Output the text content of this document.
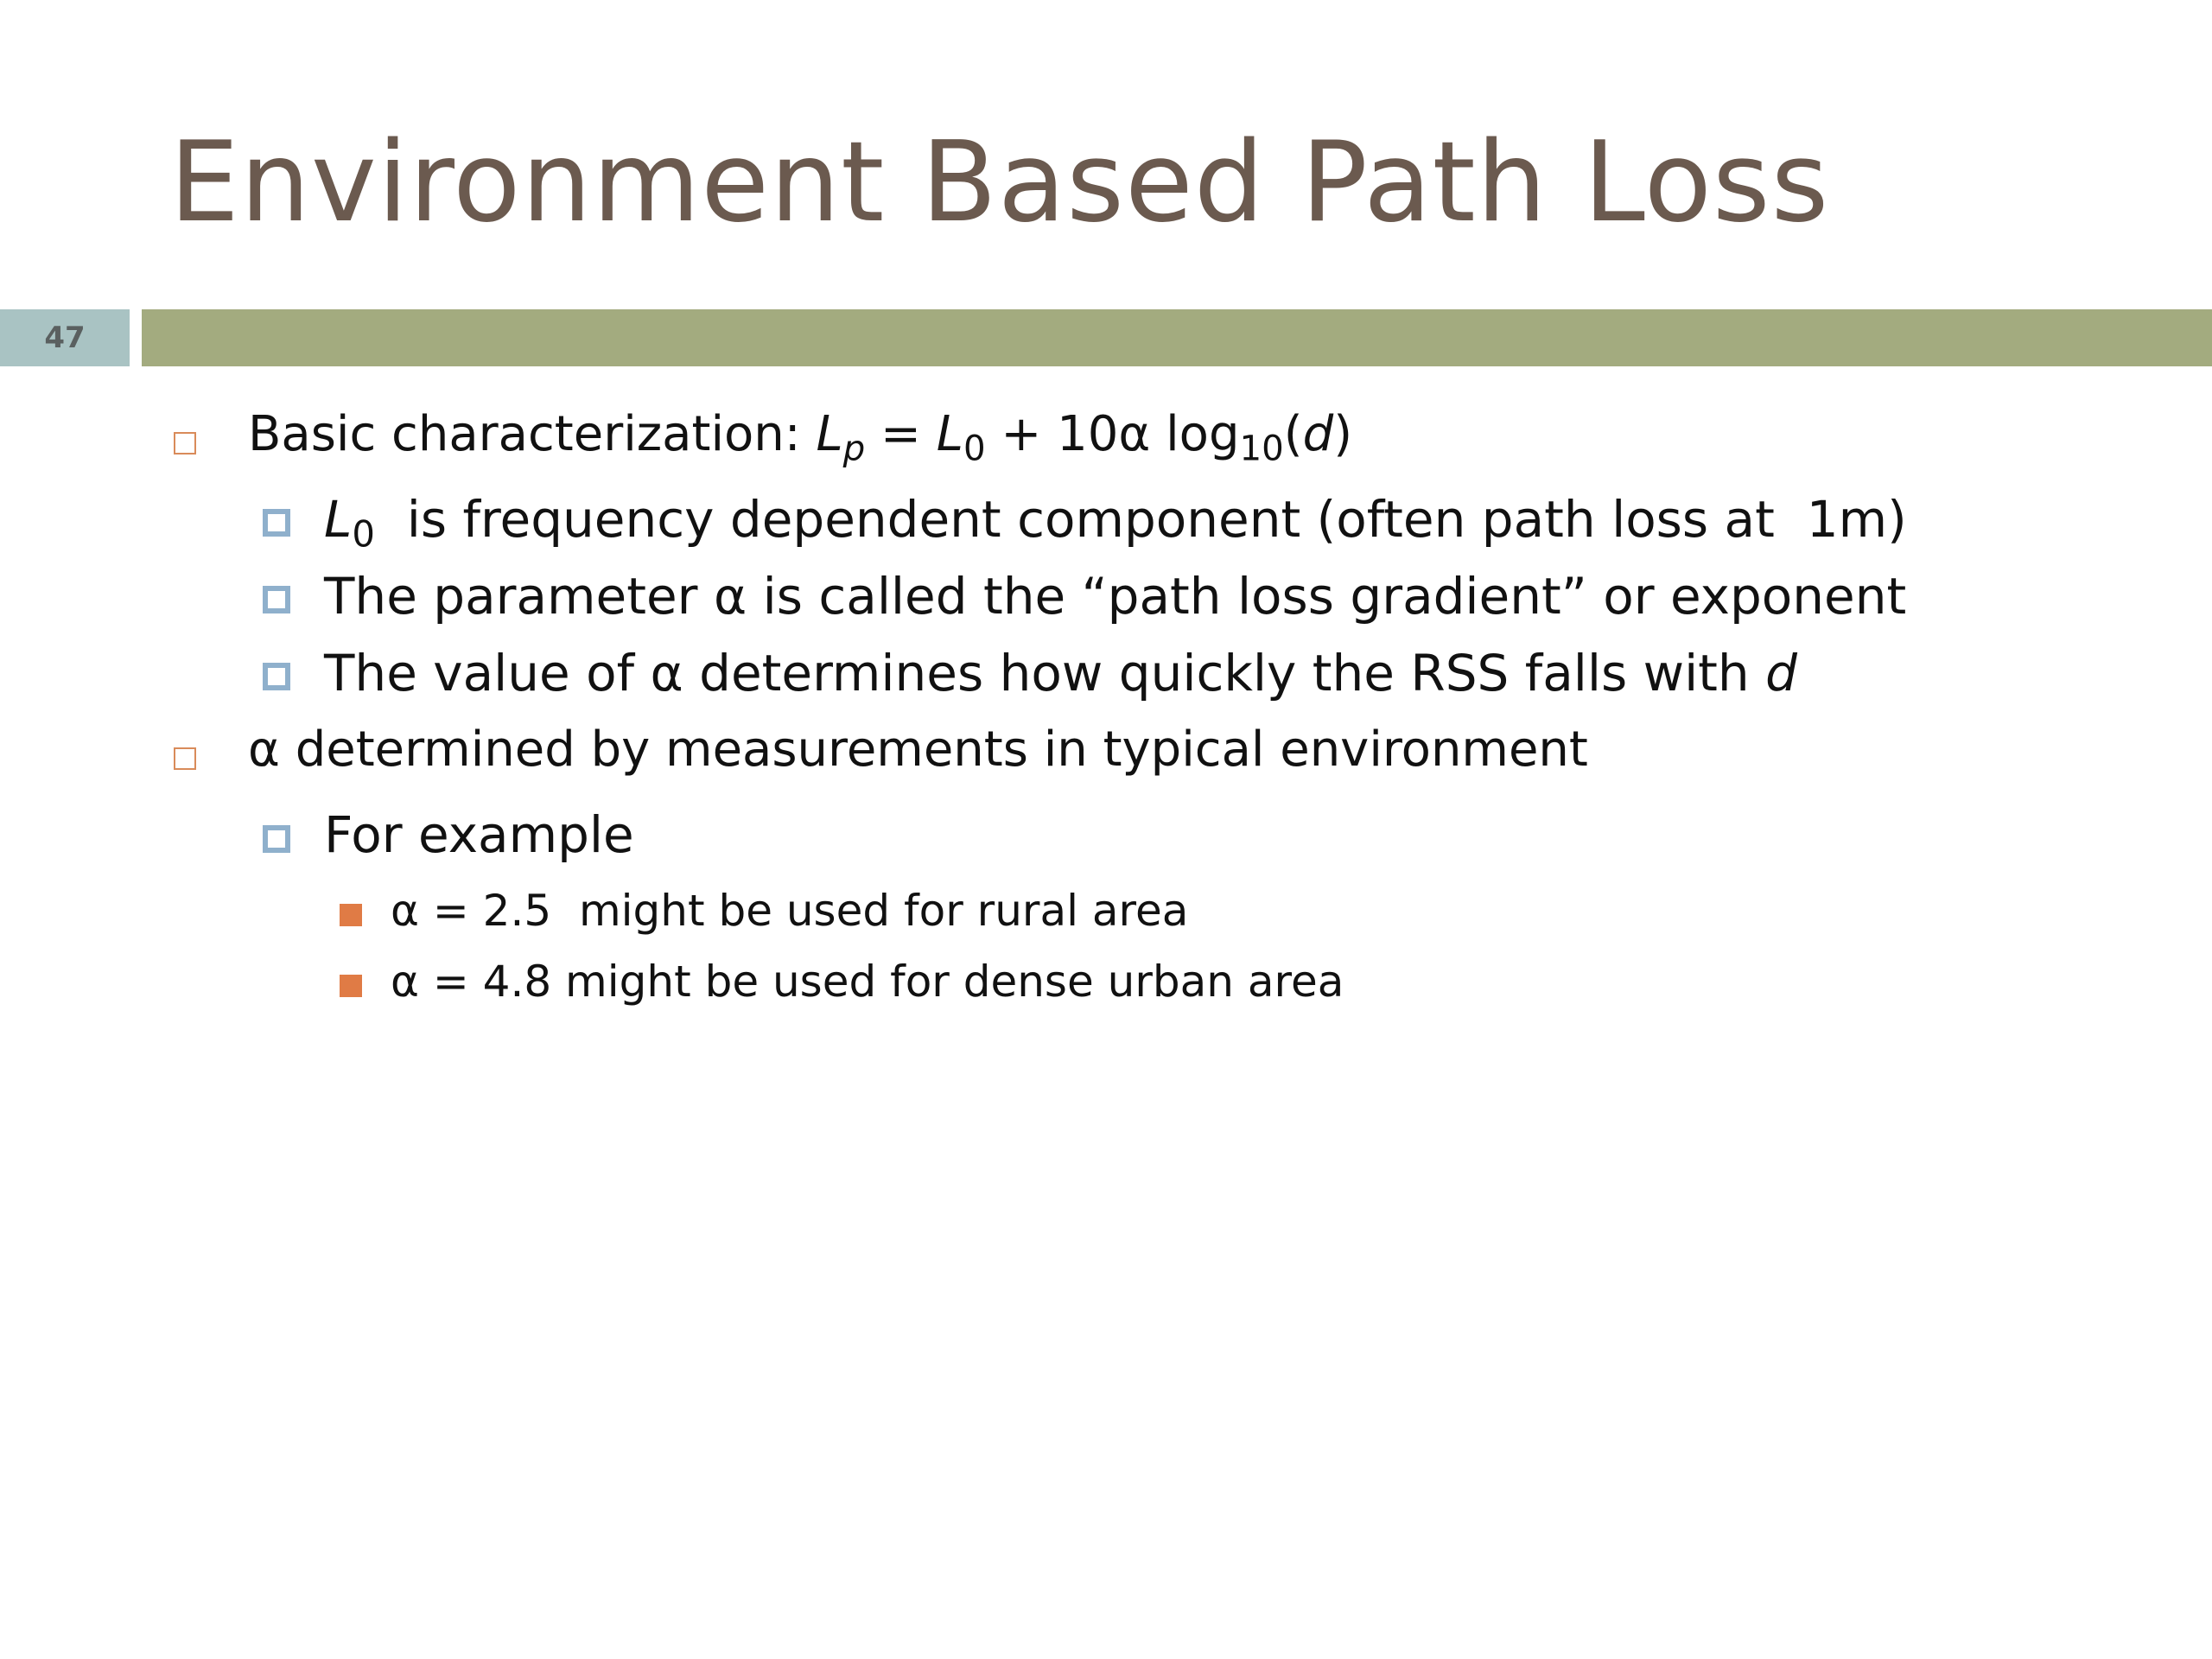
Environment Based Path Loss
47
Basic characterization: $L_p = L_0 + 10\alpha$ $\log_{10}(d)$
$L_0$  is frequency dependent component (often path loss at  1m)
The parameter α is called the “path loss gradient” or exponent
The value of α determines how quickly the RSS falls with d
α determined by measurements in typical environment
For example
α = 2.5  might be used for rural area
α = 4.8 might be used for dense urban area
